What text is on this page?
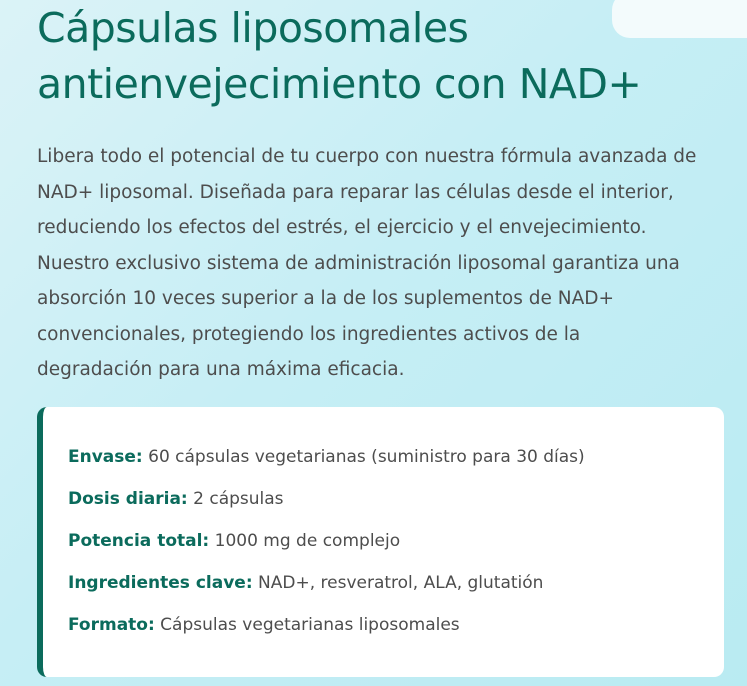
Cápsulas liposomales
antienvejecimiento con NAD+

Libera todo el potencial de tu cuerpo con nuestra fórmula avanzada de
NAD+ liposomal. Diseñada para reparar las células desde el interior,
reduciendo los efectos del estrés, el ejercicio y el envejecimiento.
Nuestro exclusivo sistema de administración liposomal garantiza una
absorción 10 veces superior a la de los suplementos de NAD+
convencionales, protegiendo los ingredientes activos de la
degradación para una máxima eficacia.

Envase: 60 cápsulas vegetarianas (suministro para 30 días)
Dosis diaria: 2 cápsulas
Potencia total: 1000 mg de complejo
Ingredientes clave: NAD+, resveratrol, ALA, glutatión
Formato: Cápsulas vegetarianas liposomales
